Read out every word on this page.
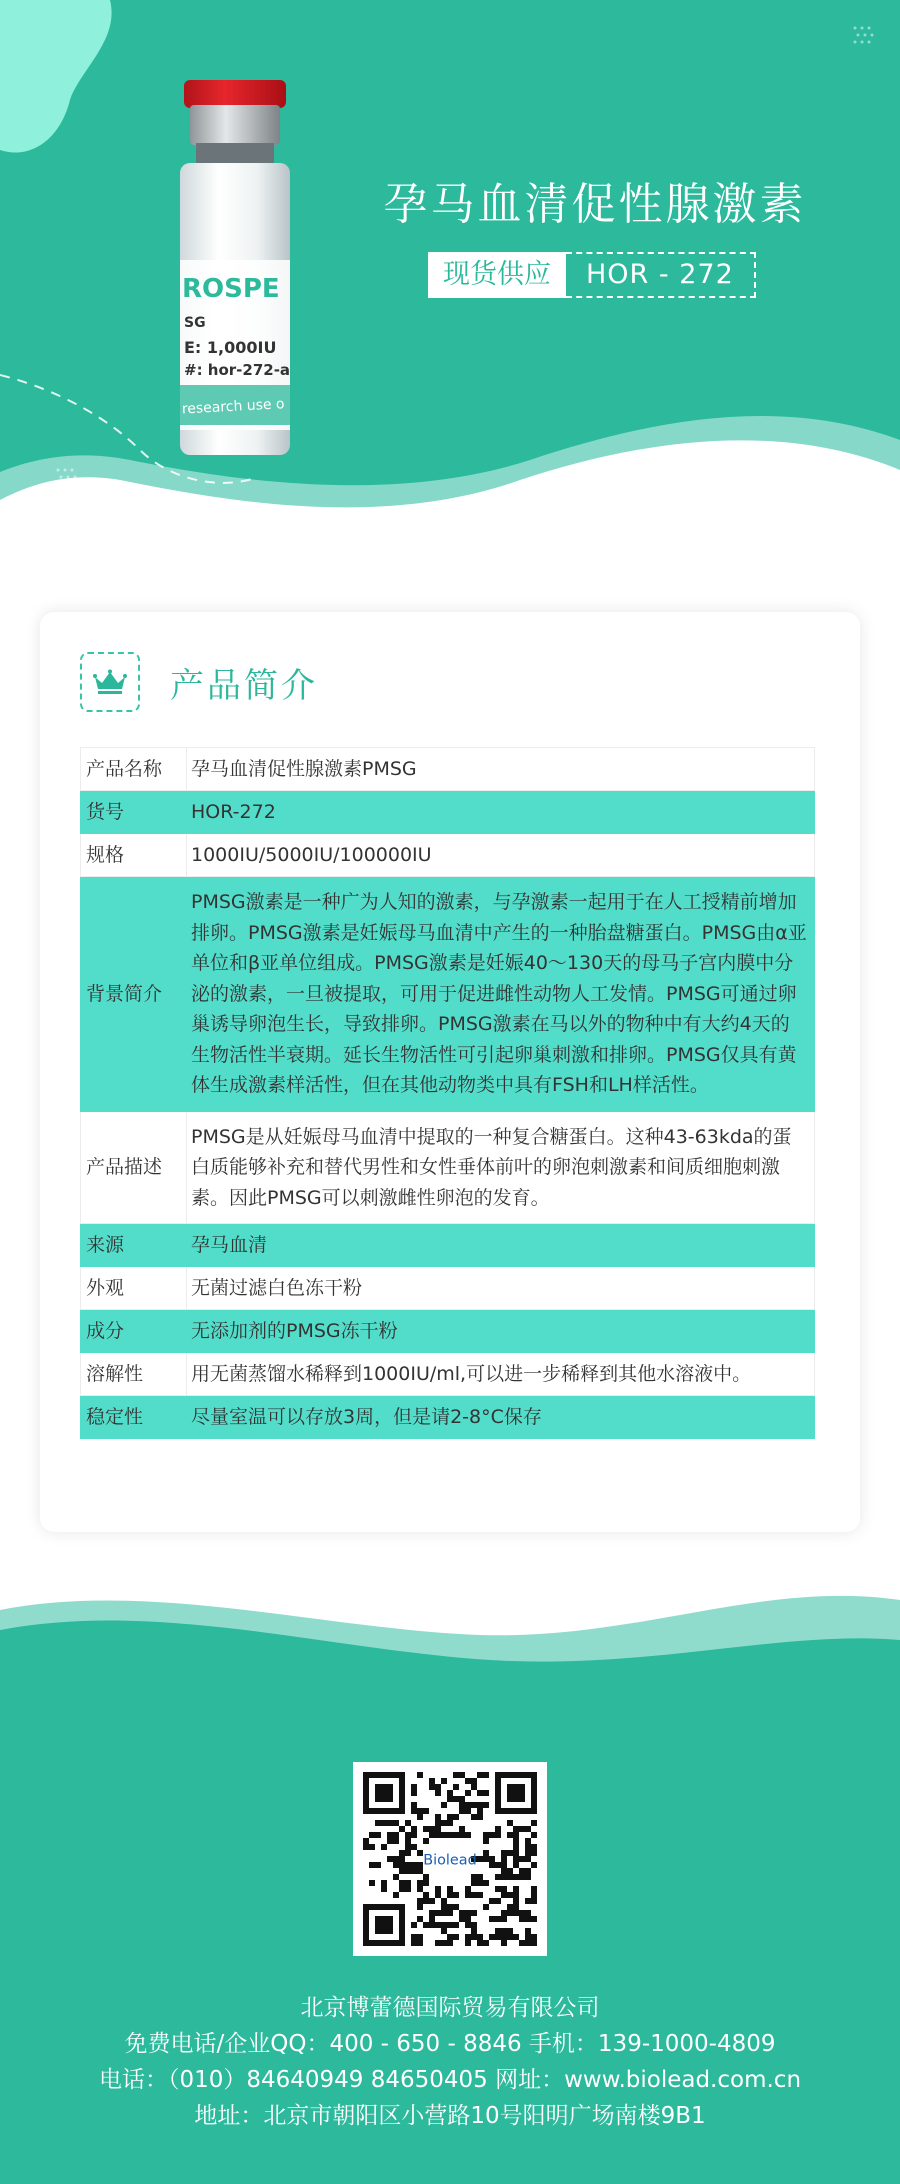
ROSPE
SG
E: 1,000IU
#: hor-272-a
research use o
孕马血清促性腺激素
现货供应	HOR - 272
产品简介
产品名称	孕马血清促性腺激素PMSG
货号	HOR-272
规格	1000IU/5000IU/100000IU
背景简介	PMSG激素是一种广为人知的激素，与孕激素一起用于在人工授精前增加排卵。PMSG激素是妊娠母马血清中产生的一种胎盘糖蛋白。PMSG由α亚单位和β亚单位组成。PMSG激素是妊娠40～130天的母马子宫内膜中分泌的激素，一旦被提取，可用于促进雌性动物人工发情。PMSG可通过卵巢诱导卵泡生长，导致排卵。PMSG激素在马以外的物种中有大约4天的生物活性半衰期。延长生物活性可引起卵巢刺激和排卵。PMSG仅具有黄体生成激素样活性，但在其他动物类中具有FSH和LH样活性。
产品描述	PMSG是从妊娠母马血清中提取的一种复合糖蛋白。这种43-63kda的蛋白质能够补充和替代男性和女性垂体前叶的卵泡刺激素和间质细胞刺激素。因此PMSG可以刺激雌性卵泡的发育。
来源	孕马血清
外观	无菌过滤白色冻干粉
成分	无添加剂的PMSG冻干粉
溶解性	用无菌蒸馏水稀释到1000IU/ml,可以进一步稀释到其他水溶液中。
稳定性	尽量室温可以存放3周，但是请2-8°C保存
Biolead
北京博蕾德国际贸易有限公司
免费电话/企业QQ：400 - 650 - 8846 手机：139-1000-4809
电话：（010）84640949 84650405 网址：www.biolead.com.cn
地址：北京市朝阳区小营路10号阳明广场南楼9B1
